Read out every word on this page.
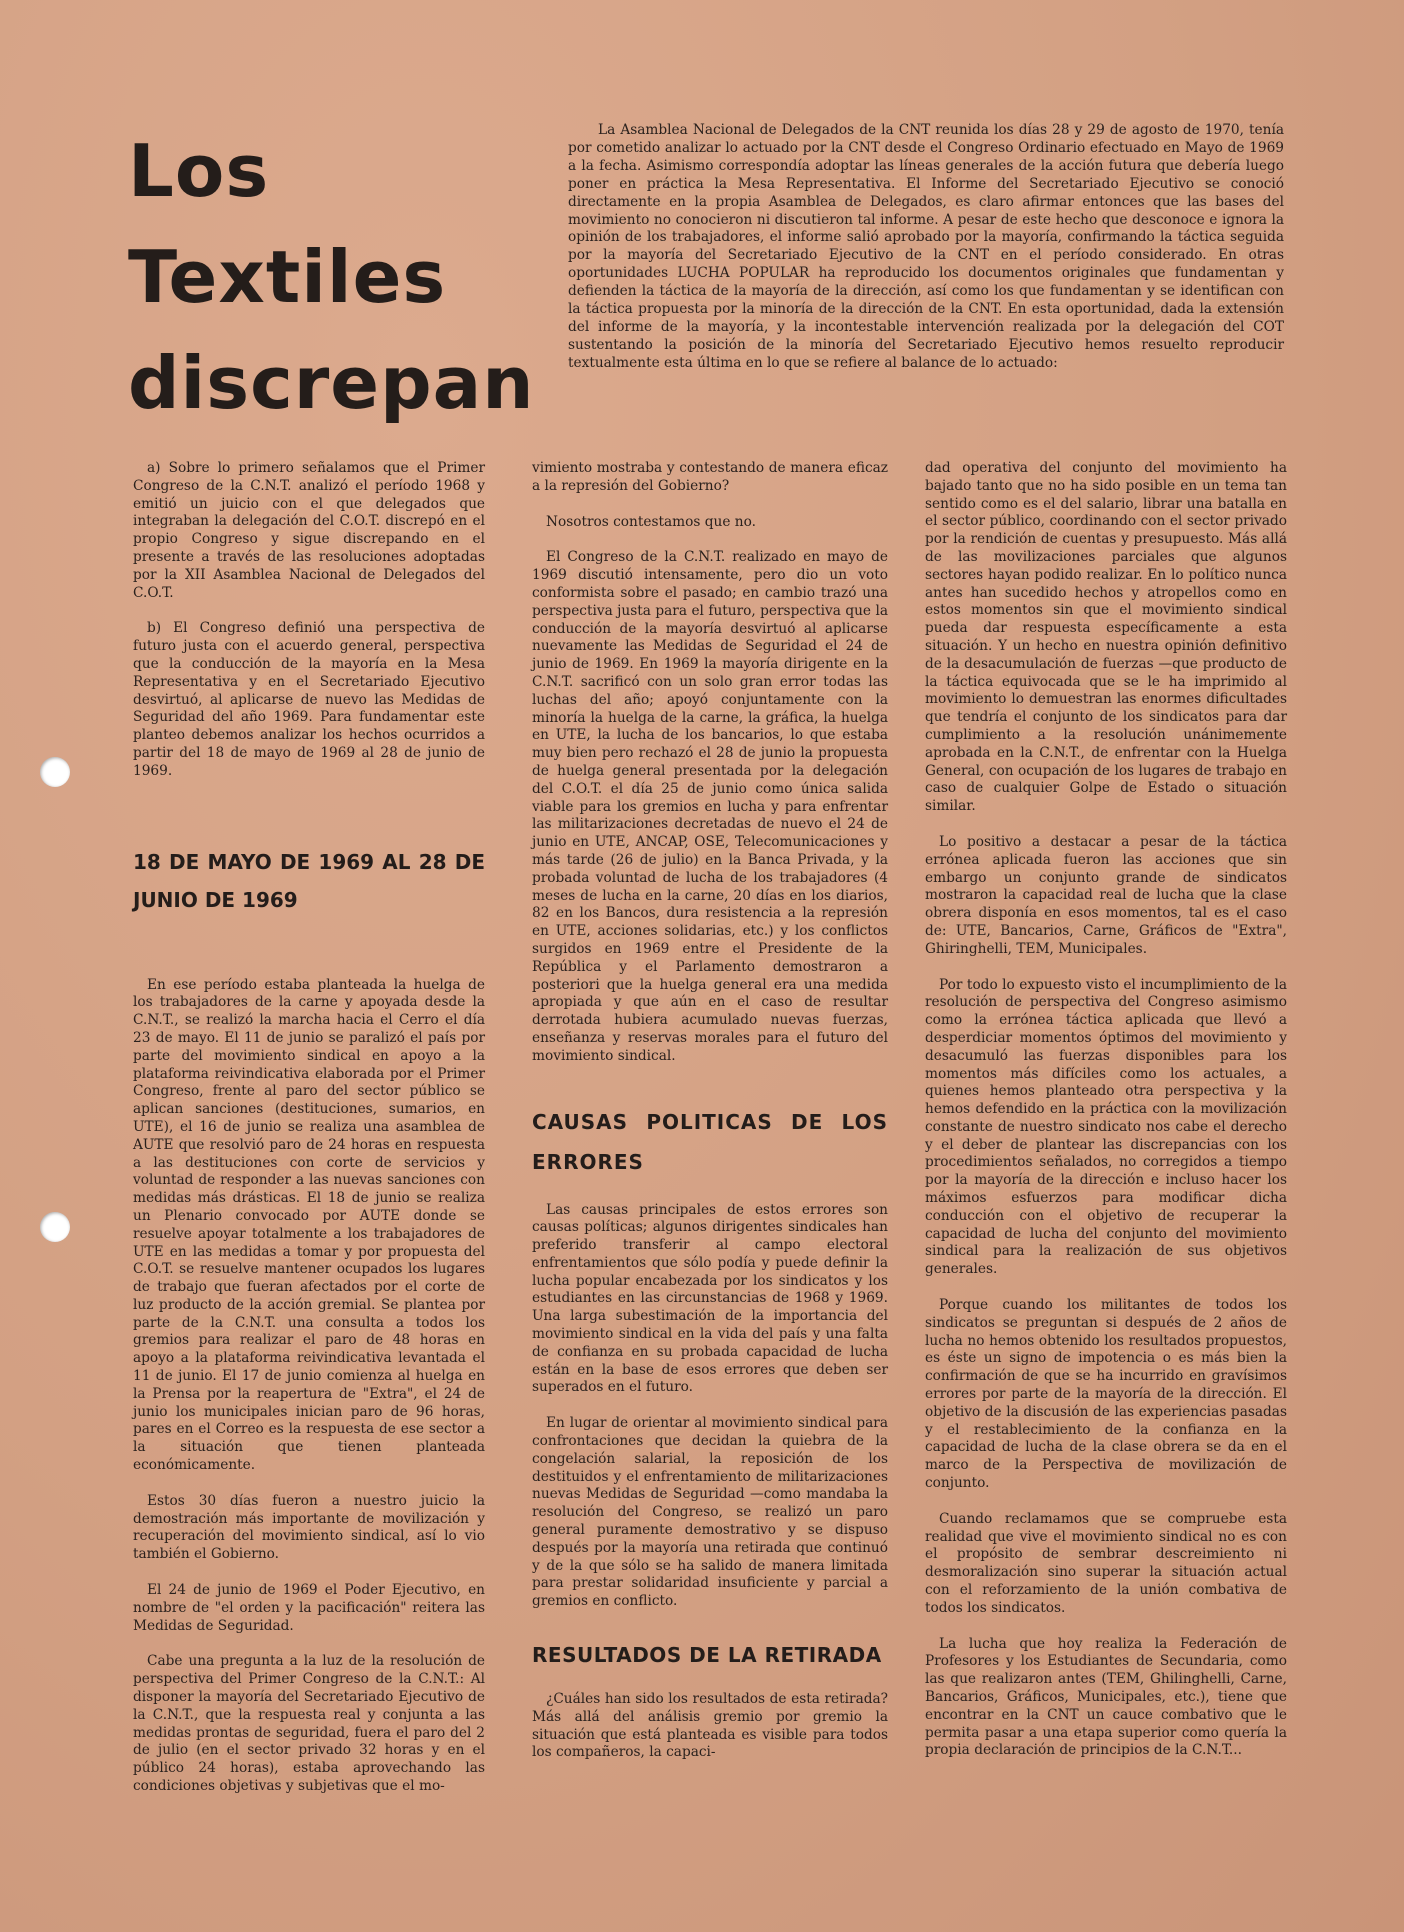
Los
Textiles
discrepan

La Asamblea Nacional de Delegados de la CNT reunida los días 28 y 29 de agosto de 1970, tenía por cometido analizar lo actuado por la CNT desde el Congreso Ordinario efectuado en Mayo de 1969 a la fecha. Asimismo correspondía adoptar las líneas generales de la acción futura que debería luego poner en práctica la Mesa Representativa. El Informe del Secretariado Ejecutivo se conoció directamente en la propia Asamblea de Delegados, es claro afirmar entonces que las bases del movimiento no conocieron ni discutieron tal informe. A pesar de este hecho que desconoce e ignora la opinión de los trabajadores, el informe salió aprobado por la mayoría, confirmando la táctica seguida por la mayoría del Secretariado Ejecutivo de la CNT en el período considerado. En otras oportunidades LUCHA POPULAR ha reproducido los documentos originales que fundamentan y defienden la táctica de la mayoría de la dirección, así como los que fundamentan y se identifican con la táctica propuesta por la minoría de la dirección de la CNT. En esta oportunidad, dada la extensión del informe de la mayoría, y la incontestable intervención realizada por la delegación del COT sustentando la posición de la minoría del Secretariado Ejecutivo hemos resuelto reproducir textualmente esta última en lo que se refiere al balance de lo actuado:

a) Sobre lo primero señalamos que el Primer Congreso de la C.N.T. analizó el período 1968 y emitió un juicio con el que delegados que integraban la delegación del C.O.T. discrepó en el propio Congreso y sigue discrepando en el presente a través de las resoluciones adoptadas por la XII Asamblea Nacional de Delegados del C.O.T.

b) El Congreso definió una perspectiva de futuro justa con el acuerdo general, perspectiva que la conducción de la mayoría en la Mesa Representativa y en el Secretariado Ejecutivo desvirtuó, al aplicarse de nuevo las Medidas de Seguridad del año 1969. Para fundamentar este planteo debemos analizar los hechos ocurridos a partir del 18 de mayo de 1969 al 28 de junio de 1969.

18 DE MAYO DE 1969 AL 28 DE JUNIO DE 1969

En ese período estaba planteada la huelga de los trabajadores de la carne y apoyada desde la C.N.T., se realizó la marcha hacia el Cerro el día 23 de mayo. El 11 de junio se paralizó el país por parte del movimiento sindical en apoyo a la plataforma reivindicativa elaborada por el Primer Congreso, frente al paro del sector público se aplican sanciones (destituciones, sumarios, en UTE), el 16 de junio se realiza una asamblea de AUTE que resolvió paro de 24 horas en respuesta a las destituciones con corte de servicios y voluntad de responder a las nuevas sanciones con medidas más drásticas. El 18 de junio se realiza un Plenario convocado por AUTE donde se resuelve apoyar totalmente a los trabajadores de UTE en las medidas a tomar y por propuesta del C.O.T. se resuelve mantener ocupados los lugares de trabajo que fueran afectados por el corte de luz producto de la acción gremial. Se plantea por parte de la C.N.T. una consulta a todos los gremios para realizar el paro de 48 horas en apoyo a la plataforma reivindicativa levantada el 11 de junio. El 17 de junio comienza al huelga en la Prensa por la reapertura de "Extra", el 24 de junio los municipales inician paro de 96 horas, pares en el Correo es la respuesta de ese sector a la situación que tienen planteada económicamente.

Estos 30 días fueron a nuestro juicio la demostración más importante de movilización y recuperación del movimiento sindical, así lo vio también el Gobierno.

El 24 de junio de 1969 el Poder Ejecutivo, en nombre de "el orden y la pacificación" reitera las Medidas de Seguridad.

Cabe una pregunta a la luz de la resolución de perspectiva del Primer Congreso de la C.N.T.: Al disponer la mayoría del Secretariado Ejecutivo de la C.N.T., que la respuesta real y conjunta a las medidas prontas de seguridad, fuera el paro del 2 de julio (en el sector privado 32 horas y en el público 24 horas), estaba aprovechando las condiciones objetivas y subjetivas que el mo-

vimiento mostraba y contestando de manera eficaz a la represión del Gobierno?

Nosotros contestamos que no.

El Congreso de la C.N.T. realizado en mayo de 1969 discutió intensamente, pero dio un voto conformista sobre el pasado; en cambio trazó una perspectiva justa para el futuro, perspectiva que la conducción de la mayoría desvirtuó al aplicarse nuevamente las Medidas de Seguridad el 24 de junio de 1969. En 1969 la mayoría dirigente en la C.N.T. sacrificó con un solo gran error todas las luchas del año; apoyó conjuntamente con la minoría la huelga de la carne, la gráfica, la huelga en UTE, la lucha de los bancarios, lo que estaba muy bien pero rechazó el 28 de junio la propuesta de huelga general presentada por la delegación del C.O.T. el día 25 de junio como única salida viable para los gremios en lucha y para enfrentar las militarizaciones decretadas de nuevo el 24 de junio en UTE, ANCAP, OSE, Telecomunicaciones y más tarde (26 de julio) en la Banca Privada, y la probada voluntad de lucha de los trabajadores (4 meses de lucha en la carne, 20 días en los diarios, 82 en los Bancos, dura resistencia a la represión en UTE, acciones solidarias, etc.) y los conflictos surgidos en 1969 entre el Presidente de la República y el Parlamento demostraron a posteriori que la huelga general era una medida apropiada y que aún en el caso de resultar derrotada hubiera acumulado nuevas fuerzas, enseñanza y reservas morales para el futuro del movimiento sindical.

CAUSAS POLITICAS DE LOS ERRORES

Las causas principales de estos errores son causas políticas; algunos dirigentes sindicales han preferido transferir al campo electoral enfrentamientos que sólo podía y puede definir la lucha popular encabezada por los sindicatos y los estudiantes en las circunstancias de 1968 y 1969. Una larga subestimación de la importancia del movimiento sindical en la vida del país y una falta de confianza en su probada capacidad de lucha están en la base de esos errores que deben ser superados en el futuro.

En lugar de orientar al movimiento sindical para confrontaciones que decidan la quiebra de la congelación salarial, la reposición de los destituidos y el enfrentamiento de militarizaciones nuevas Medidas de Seguridad —como mandaba la resolución del Congreso, se realizó un paro general puramente demostrativo y se dispuso después por la mayoría una retirada que continuó y de la que sólo se ha salido de manera limitada para prestar solidaridad insuficiente y parcial a gremios en conflicto.

RESULTADOS DE LA RETIRADA

¿Cuáles han sido los resultados de esta retirada? Más allá del análisis gremio por gremio la situación que está planteada es visible para todos los compañeros, la capaci-

dad operativa del conjunto del movimiento ha bajado tanto que no ha sido posible en un tema tan sentido como es el del salario, librar una batalla en el sector público, coordinando con el sector privado por la rendición de cuentas y presupuesto. Más allá de las movilizaciones parciales que algunos sectores hayan podido realizar. En lo político nunca antes han sucedido hechos y atropellos como en estos momentos sin que el movimiento sindical pueda dar respuesta específicamente a esta situación. Y un hecho en nuestra opinión definitivo de la desacumulación de fuerzas —que producto de la táctica equivocada que se le ha imprimido al movimiento lo demuestran las enormes dificultades que tendría el conjunto de los sindicatos para dar cumplimiento a la resolución unánimemente aprobada en la C.N.T., de enfrentar con la Huelga General, con ocupación de los lugares de trabajo en caso de cualquier Golpe de Estado o situación similar.

Lo positivo a destacar a pesar de la táctica errónea aplicada fueron las acciones que sin embargo un conjunto grande de sindicatos mostraron la capacidad real de lucha que la clase obrera disponía en esos momentos, tal es el caso de: UTE, Bancarios, Carne, Gráficos de "Extra", Ghiringhelli, TEM, Municipales.

Por todo lo expuesto visto el incumplimiento de la resolución de perspectiva del Congreso asimismo como la errónea táctica aplicada que llevó a desperdiciar momentos óptimos del movimiento y desacumuló las fuerzas disponibles para los momentos más difíciles como los actuales, a quienes hemos planteado otra perspectiva y la hemos defendido en la práctica con la movilización constante de nuestro sindicato nos cabe el derecho y el deber de plantear las discrepancias con los procedimientos señalados, no corregidos a tiempo por la mayoría de la dirección e incluso hacer los máximos esfuerzos para modificar dicha conducción con el objetivo de recuperar la capacidad de lucha del conjunto del movimiento sindical para la realización de sus objetivos generales.

Porque cuando los militantes de todos los sindicatos se preguntan si después de 2 años de lucha no hemos obtenido los resultados propuestos, es éste un signo de impotencia o es más bien la confirmación de que se ha incurrido en gravísimos errores por parte de la mayoría de la dirección. El objetivo de la discusión de las experiencias pasadas y el restablecimiento de la confianza en la capacidad de lucha de la clase obrera se da en el marco de la Perspectiva de movilización de conjunto.

Cuando reclamamos que se compruebe esta realidad que vive el movimiento sindical no es con el propósito de sembrar descreimiento ni desmoralización sino superar la situación actual con el reforzamiento de la unión combativa de todos los sindicatos.

La lucha que hoy realiza la Federación de Profesores y los Estudiantes de Secundaria, como las que realizaron antes (TEM, Ghilinghelli, Carne, Bancarios, Gráficos, Municipales, etc.), tiene que encontrar en la CNT un cauce combativo que le permita pasar a una etapa superior como quería la propia declaración de principios de la C.N.T...
